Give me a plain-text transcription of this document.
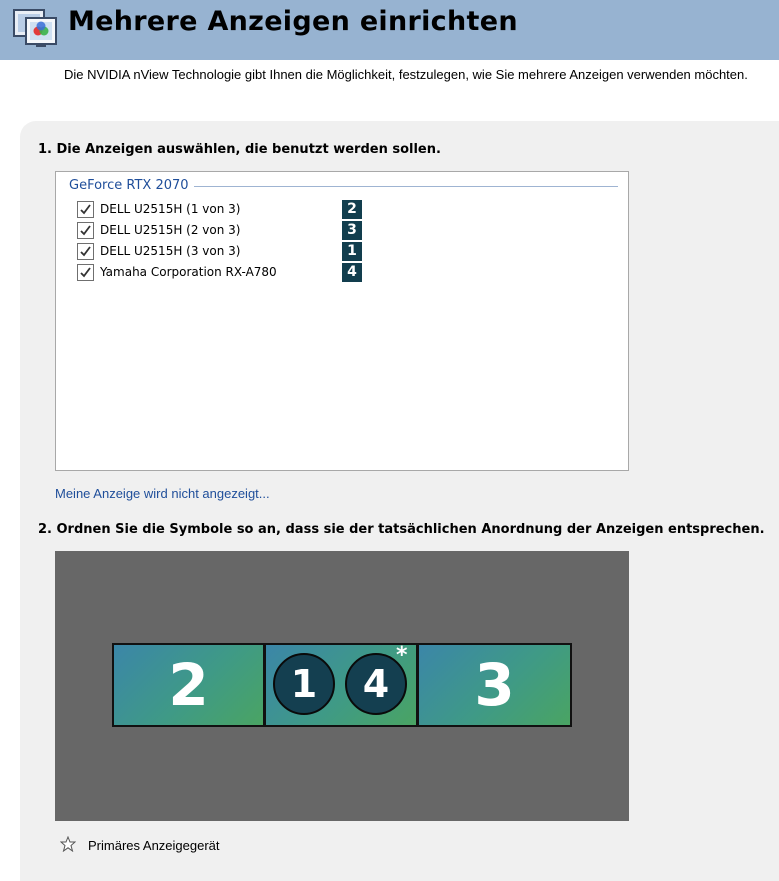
Mehrere Anzeigen einrichten
Die NVIDIA nView Technologie gibt Ihnen die Möglichkeit, festzulegen, wie Sie mehrere Anzeigen verwenden möchten.
1. Die Anzeigen auswählen, die benutzt werden sollen.
GeForce RTX 2070
DELL U2515H (1 von 3)	2
DELL U2515H (2 von 3)	3
DELL U2515H (3 von 3)	1
Yamaha Corporation RX-A780	4
Meine Anzeige wird nicht angezeigt...
2. Ordnen Sie die Symbole so an, dass sie der tatsächlichen Anordnung der Anzeigen entsprechen.
2	1	4
*	3
Primäres Anzeigegerät
